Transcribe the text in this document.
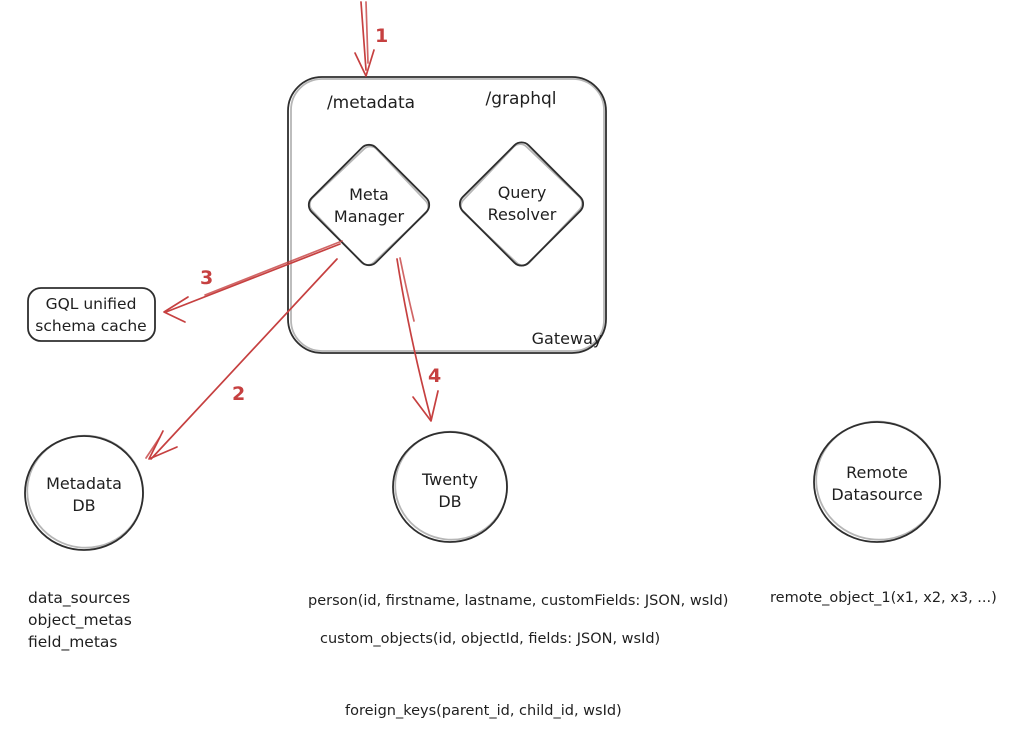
/metadata	/graphql
Meta
Manager
Query
Resolver
Gateway
GQL unified
schema cache
Metadata
DB
Twenty
DB
Remote
Datasource
data_sources
object_metas
field_metas
person(id, firstname, lastname, customFields: JSON, wsId)
custom_objects(id, objectId, fields: JSON, wsId)
foreign_keys(parent_id, child_id, wsId)
remote_object_1(x1, x2, x3, ...)
1
2
3
4
